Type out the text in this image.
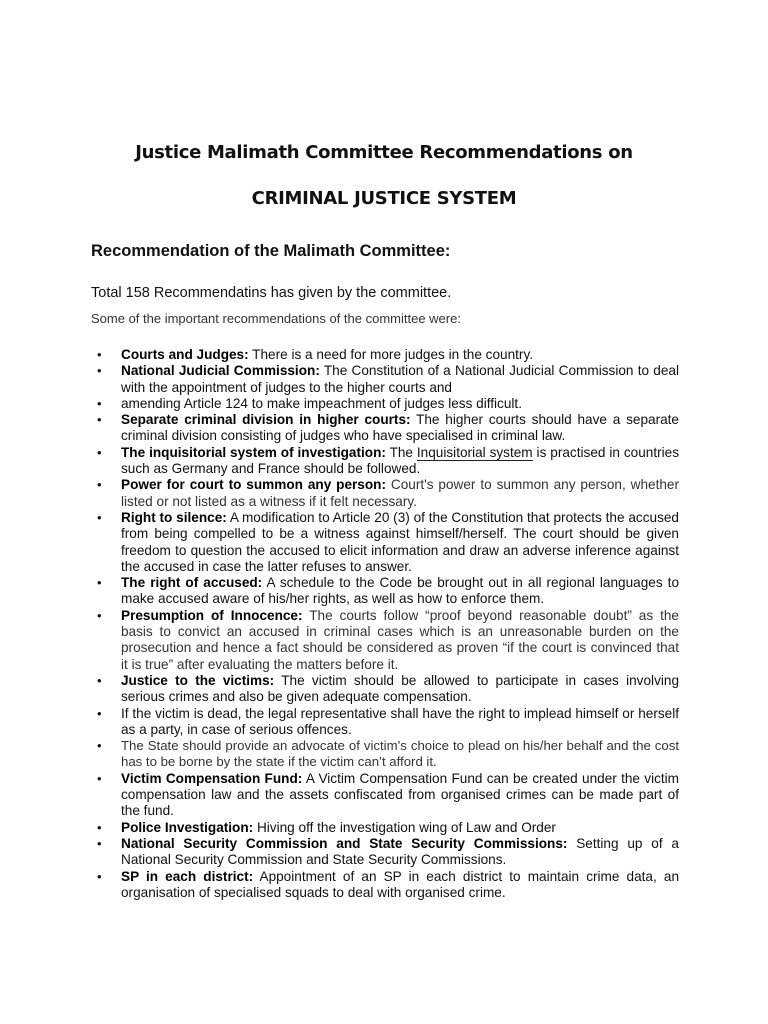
Justice Malimath Committee Recommendations on
CRIMINAL JUSTICE SYSTEM
Recommendation of the Malimath Committee:
Total 158 Recommendatins has given by the committee.
Some of the important recommendations of the committee were:
• Courts and Judges: There is a need for more judges in the country.
• National Judicial Commission: The Constitution of a National Judicial Commission to deal with the appointment of judges to the higher courts and
• amending Article 124 to make impeachment of judges less difficult.
• Separate criminal division in higher courts: The higher courts should have a separate criminal division consisting of judges who have specialised in criminal law.
• The inquisitorial system of investigation: The Inquisitorial system is practised in countries such as Germany and France should be followed.
• Power for court to summon any person: Court's power to summon any person, whether listed or not listed as a witness if it felt necessary.
• Right to silence: A modification to Article 20 (3) of the Constitution that protects the accused from being compelled to be a witness against himself/herself. The court should be given freedom to question the accused to elicit information and draw an adverse inference against the accused in case the latter refuses to answer.
• The right of accused: A schedule to the Code be brought out in all regional languages to make accused aware of his/her rights, as well as how to enforce them.
• Presumption of Innocence: The courts follow “proof beyond reasonable doubt” as the basis to convict an accused in criminal cases which is an unreasonable burden on the prosecution and hence a fact should be considered as proven “if the court is convinced that it is true” after evaluating the matters before it.
• Justice to the victims: The victim should be allowed to participate in cases involving serious crimes and also be given adequate compensation.
• If the victim is dead, the legal representative shall have the right to implead himself or herself as a party, in case of serious offences.
• The State should provide an advocate of victim’s choice to plead on his/her behalf and the cost has to be borne by the state if the victim can’t afford it.
• Victim Compensation Fund: A Victim Compensation Fund can be created under the victim compensation law and the assets confiscated from organised crimes can be made part of the fund.
• Police Investigation: Hiving off the investigation wing of Law and Order
• National Security Commission and State Security Commissions: Setting up of a National Security Commission and State Security Commissions.
• SP in each district: Appointment of an SP in each district to maintain crime data, an organisation of specialised squads to deal with organised crime.
